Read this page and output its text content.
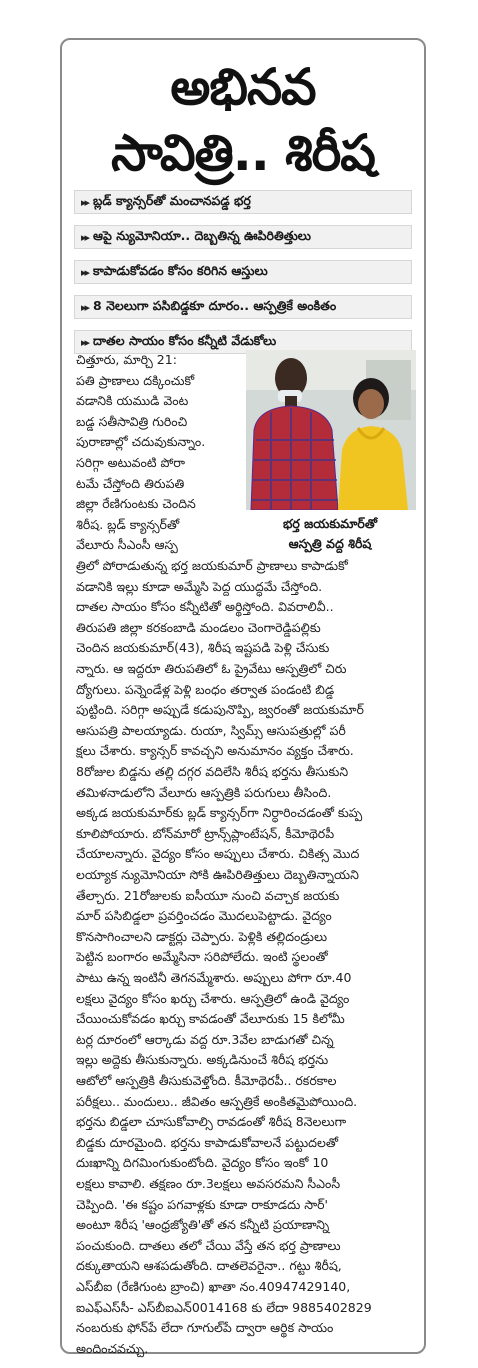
అభినవ
సావిత్రి.. శిరీష
▸▸ బ్లడ్ క్యాన్సర్‌తో మంచానపడ్డ భర్త
▸▸ ఆపై న్యుమోనియా.. దెబ్బతిన్న ఊపిరితిత్తులు
▸▸ కాపాడుకోవడం కోసం కరిగిన ఆస్తులు
▸▸ 8 నెలలుగా పసిబిడ్డకూ దూరం.. ఆస్పత్రికే అంకితం
▸▸ దాతల సాయం కోసం కన్నీటి వేడుకోలు
భర్త జయకుమార్‌తో
ఆస్పత్రి వద్ద శిరీష
చిత్తూరు, మార్చి 21:
పతి ప్రాణాలు దక్కించుకో
వడానికి యముడి వెంట
బడ్డ సతీసావిత్రి గురించి
పురాణాల్లో చదువుకున్నాం.
సరిగ్గా అటువంటి పోరా
టమే చేస్తోంది తిరుపతి
జిల్లా రేణిగుంటకు చెందిన
శిరీష. బ్లడ్ క్యాన్సర్‌తో
వేలూరు సీఎంసీ ఆస్ప
త్రిలో పోరాడుతున్న భర్త జయకుమార్ ప్రాణాలు కాపాడుకో
వడానికి ఇల్లు కూడా అమ్మేసి పెద్ద యుద్ధమే చేస్తోంది.
దాతల సాయం కోసం కన్నీటితో అర్థిస్తోంది. వివరాలివీ..
తిరుపతి జిల్లా కరకంబాడి మండలం చెంగారెడ్డిపల్లికు
చెందిన జయకుమార్(43), శిరీష ఇష్టపడి పెళ్లి చేసుకు
న్నారు. ఆ ఇద్దరూ తిరుపతిలో ఓ ప్రైవేటు ఆస్పత్రిలో చిరు
ద్యోగులు. పన్నెండేళ్ల పెళ్లి బంధం తర్వాత పండంటి బిడ్డ
పుట్టింది. సరిగ్గా అప్పుడే కడుపునొప్పి, జ్వరంతో జయకుమార్
ఆసుపత్రి పాలయ్యాడు. రుయా, స్విమ్స్ ఆసుపత్రుల్లో పరీ
క్షలు చేశారు. క్యాన్సర్ కావచ్చని అనుమానం వ్యక్తం చేశారు.
8రోజుల బిడ్డను తల్లి దగ్గర వదిలేసి శిరీష భర్తను తీసుకుని
తమిళనాడులోని వేలూరు ఆస్పత్రికి పరుగులు తీసింది.
అక్కడ జయకుమార్‌కు బ్లడ్ క్యాన్సర్‌గా నిర్ధారించడంతో కుప్ప
కూలిపోయారు. బోన్‌మారో ట్రాన్స్‌ప్లాంటేషన్, కీమోథెరపీ
చేయాలన్నారు. వైద్యం కోసం అప్పులు చేశారు. చికిత్స మొద
లయ్యాక న్యుమోనియా సోకి ఊపిరితిత్తులు దెబ్బతిన్నాయని
తేల్చారు. 21రోజులకు ఐసీయూ నుంచి వచ్చాక జయకు
మార్ పసిబిడ్డలా ప్రవర్తించడం మొదలుపెట్టాడు. వైద్యం
కొనసాగించాలని డాక్టర్లు చెప్పారు. పెళ్లికి తల్లిదండ్రులు
పెట్టిన బంగారం అమ్మేసినా సరిపోలేదు. ఇంటి స్థలంతో
పాటు ఉన్న ఇంటినీ తెగనమ్మేశారు. అప్పులు పోగా రూ.40
లక్షలు వైద్యం కోసం ఖర్చు చేశారు. ఆస్పత్రిలో ఉండి వైద్యం
చేయించుకోవడం ఖర్చు కావడంతో వేలూరుకు 15 కిలోమీ
టర్ల దూరంలో ఆర్కాడు వద్ద రూ.3వేల బాడుగతో చిన్న
ఇల్లు అద్దెకు తీసుకున్నారు. అక్కడినుంచే శిరీష భర్తను
ఆటోలో ఆస్పత్రికి తీసుకువెళ్తోంది. కీమోథెరపీ.. రకరకాల
పరీక్షలు.. మందులు.. జీవితం ఆస్పత్రికే అంకితమైపోయింది.
భర్తను బిడ్డలా చూసుకోవాల్సి రావడంతో శిరీష 8నెలలుగా
బిడ్డకు దూరమైంది. భర్తను కాపాడుకోవాలనే పట్టుదలతో
దుఃఖాన్ని దిగమింగుకుంటోంది. వైద్యం కోసం ఇంకో 10
లక్షలు కావాలి. తక్షణం రూ.3లక్షలు అవసరమని సీఎంసీ
చెప్పింది. 'ఈ కష్టం పగవాళ్లకు కూడా రాకూడదు సార్'
అంటూ శిరీష 'ఆంధ్రజ్యోతి'తో తన కన్నీటి ప్రయాణాన్ని
పంచుకుంది. దాతలు తలో చేయి వేస్తే తన భర్త ప్రాణాలు
దక్కుతాయని ఆశపడుతోంది. దాతలెవరైనా.. గట్టు శిరీష,
ఎస్‌బీఐ (రేణిగుంట బ్రాంచి) ఖాతా నం.40947429140,
ఐఎఫ్ఎస్‌సీ- ఎస్‌బీఐఎన్0014168 కు లేదా 9885402829
నంబరుకు ఫోన్‌పే లేదా గూగుల్‌పే ద్వారా ఆర్థిక సాయం
అందించవచ్చు.
